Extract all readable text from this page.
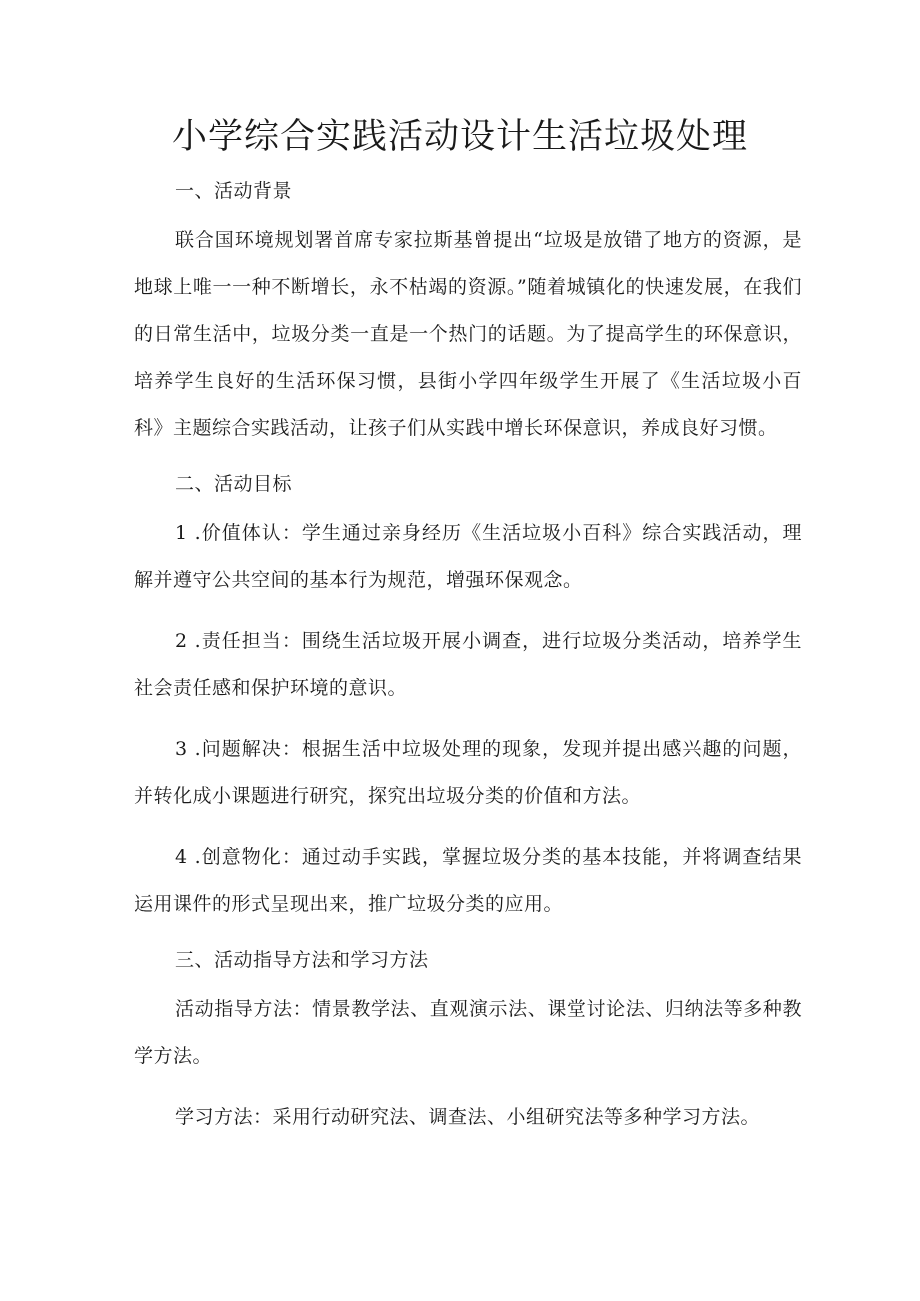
小学综合实践活动设计生活垃圾处理
一、活动背景

联合国环境规划署首席专家拉斯基曾提出“垃圾是放错了地方的资源，是地球上唯一一种不断增长，永不枯竭的资源。”随着城镇化的快速发展，在我们的日常生活中，垃圾分类一直是一个热门的话题。为了提高学生的环保意识，培养学生良好的生活环保习惯，县街小学四年级学生开展了《生活垃圾小百科》主题综合实践活动，让孩子们从实践中增长环保意识，养成良好习惯。

二、活动目标

1 .价值体认：学生通过亲身经历《生活垃圾小百科》综合实践活动，理解并遵守公共空间的基本行为规范，增强环保观念。

2 .责任担当：围绕生活垃圾开展小调查，进行垃圾分类活动，培养学生社会责任感和保护环境的意识。

3 .问题解决：根据生活中垃圾处理的现象，发现并提出感兴趣的问题，并转化成小课题进行研究，探究出垃圾分类的价值和方法。

4 .创意物化：通过动手实践，掌握垃圾分类的基本技能，并将调查结果运用课件的形式呈现出来，推广垃圾分类的应用。

三、活动指导方法和学习方法

活动指导方法：情景教学法、直观演示法、课堂讨论法、归纳法等多种教学方法。

学习方法：采用行动研究法、调查法、小组研究法等多种学习方法。
